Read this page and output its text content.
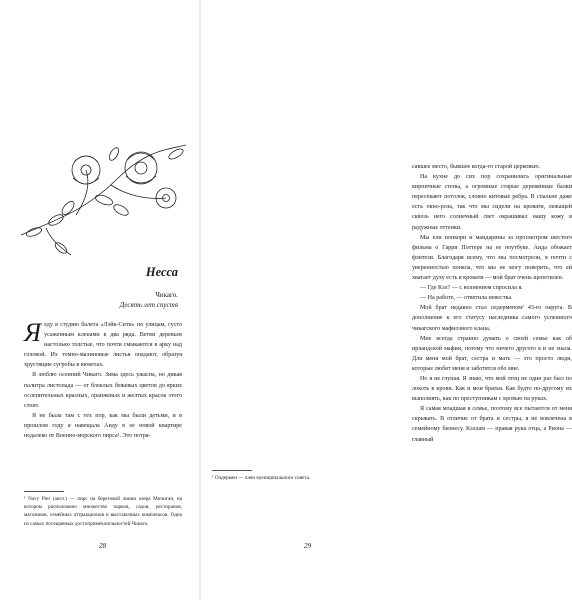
Несса
Чикаго.
Десять лет спустя

Яеду в студию балета «Лэйк-Сити» по улицам, густо усаженным кленами в два ряда. Ветви деревьев настолько толстые, что почти смыкаются в арку над головой. Их темно-малиновые листья опадают, образуя хрустящие сугробы в кюветах.

Я люблю осенний Чикаго. Зима здесь ужасна, но дикая палитра листопада — от блеклых бежевых цветов до ярких ослепительных красных, оранжевых и желтых красок этого стоит.

Я не была там с тех пор, как мы были детьми, и в прошлом году я навещала Аиду в ее новой квартире недалеко от Военно-морского пирса¹. Это потря-

¹ Navy Pier (англ.) — пирс на береговой линии озера Мичиган, на котором расположено множество парков, садов, ресторанов, магазинов, семейных аттракционов и выставочных комплексов. Одна из самых посещаемых достопримечательностей Чикаго.
28

савшее место, бывшее когда-то старой церковью.

На кухне до сих пор сохранились оригинальные кирпичные стены, а огромные старые деревянные балки пересекают потолок, словно китовые ребра. В спальне даже есть окно-роза, так что мы сидели на кровати, лежащей сквозь него солнечный свет окрашивал нашу кожу в радужные оттенки.

Мы ели попкорн и мандарины за просмотром шестого фильма о Гарри Поттере на ее ноутбуке. Аида обожает фэнтези. Благодаря всему, что мы посмотрели, я почти с уверенностью поняла, что мы не могу поверить, что ей хватает духу есть в кровати — мой брат очень щепетилен.

— Где Кэл? — с волнением спросила я.

— На работе, — ответила невестка.

Мой брат недавно стал олдерменом¹ 43-го округа. В дополнение к его статусу наследника самого успешного чикагского мафиозного клана.

Мне всегда странно думать о своей семье как об ирландской мафии, потому что ничего другого я и не знала. Для меня мой брат, сестра и мать — это просто люди, которые любят меня и заботятся обо мне.

Но я не глупая. Я знаю, что мой отец не один раз был по локоть в крови. Как и мои братья. Как будто по-другому их выполнять, как по преступникам с кровью на руках.

Я самая младшая в семье, поэтому все пытаются от меня скрывать. В отличие от брата и сестры, я не вовлечена в семейному бизнесу. Кэллам — правая рука отца, а Риона — главный

¹ Олдермен — член муниципального совета.
29
